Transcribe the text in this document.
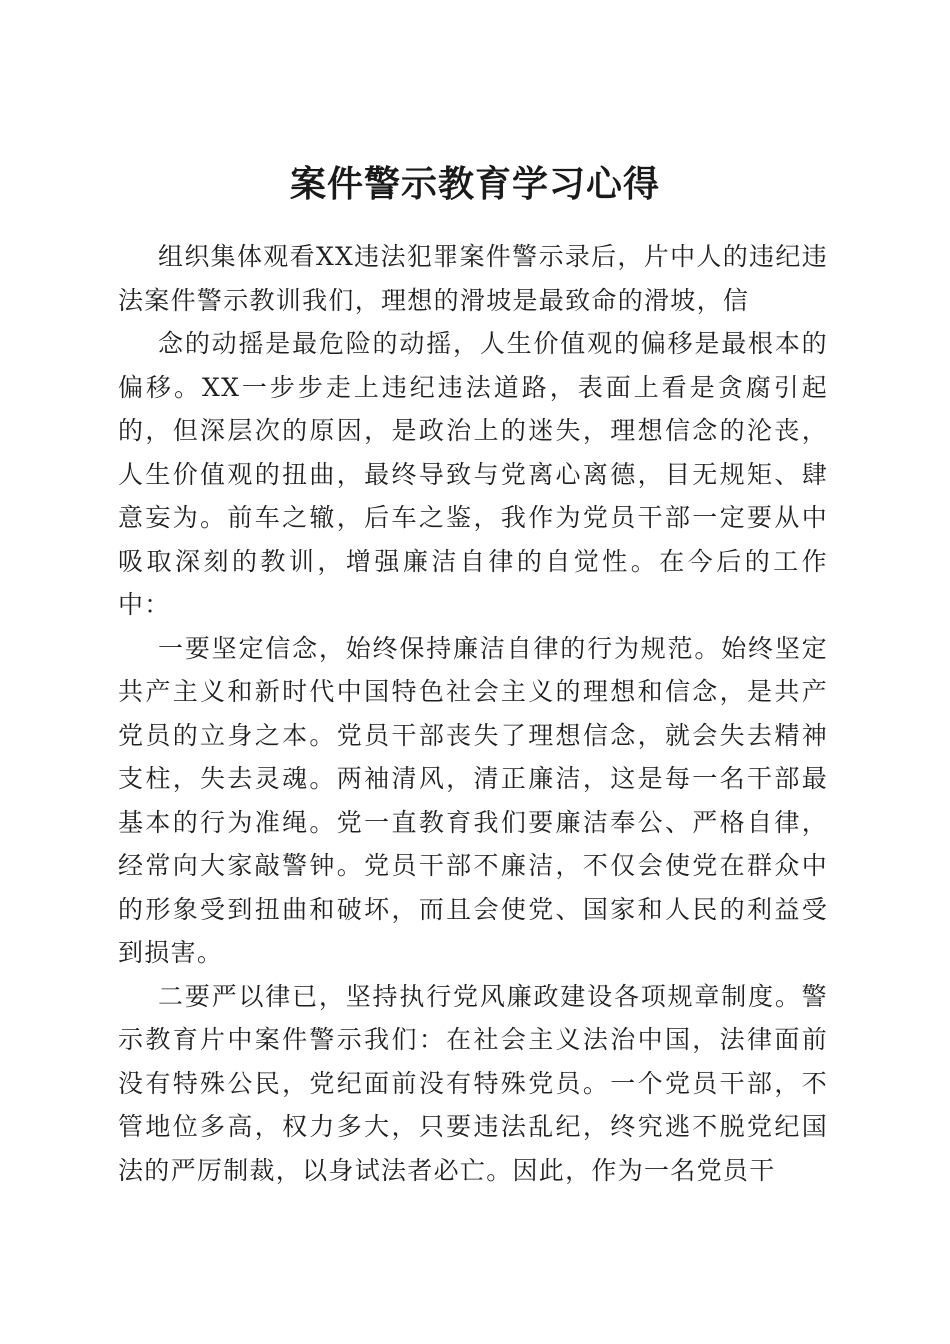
案件警示教育学习心得

组织集体观看XX违法犯罪案件警示录后，片中人的违纪违法案件警示教训我们，理想的滑坡是最致命的滑坡，信

念的动摇是最危险的动摇，人生价值观的偏移是最根本的偏移。XX一步步走上违纪违法道路，表面上看是贪腐引起的，但深层次的原因，是政治上的迷失，理想信念的沦丧，人生价值观的扭曲，最终导致与党离心离德，目无规矩、肆意妄为。前车之辙，后车之鉴，我作为党员干部一定要从中吸取深刻的教训，增强廉洁自律的自觉性。在今后的工作中：

一要坚定信念，始终保持廉洁自律的行为规范。始终坚定共产主义和新时代中国特色社会主义的理想和信念，是共产党员的立身之本。党员干部丧失了理想信念，就会失去精神支柱，失去灵魂。两袖清风，清正廉洁，这是每一名干部最基本的行为准绳。党一直教育我们要廉洁奉公、严格自律，经常向大家敲警钟。党员干部不廉洁，不仅会使党在群众中的形象受到扭曲和破坏，而且会使党、国家和人民的利益受到损害。

二要严以律已，坚持执行党风廉政建设各项规章制度。警示教育片中案件警示我们：在社会主义法治中国，法律面前没有特殊公民，党纪面前没有特殊党员。一个党员干部，不管地位多高，权力多大，只要违法乱纪，终究逃不脱党纪国法的严厉制裁，以身试法者必亡。因此，作为一名党员干
